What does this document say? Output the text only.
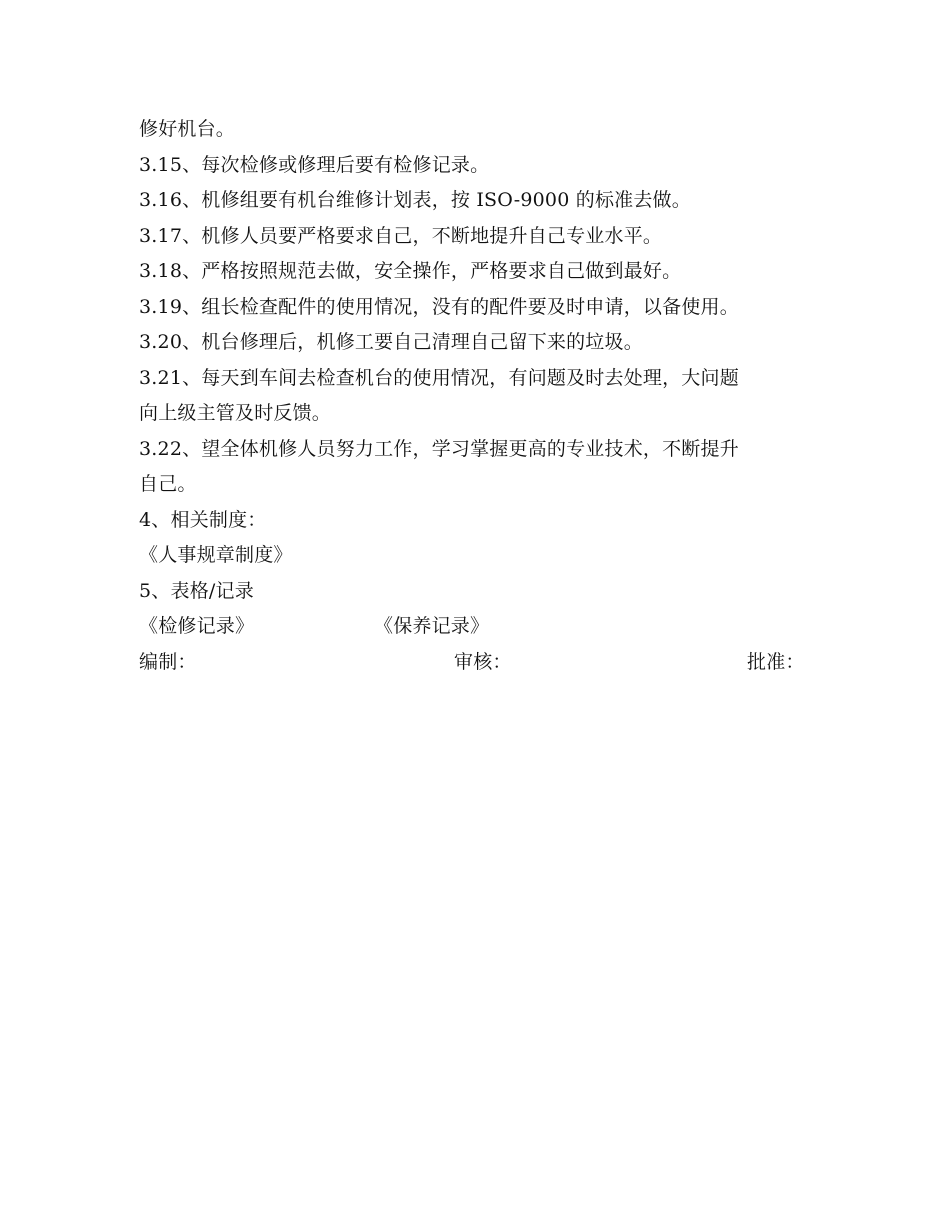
修好机台。
3.15、每次检修或修理后要有检修记录。
3.16、机修组要有机台维修计划表，按 ISO-9000 的标准去做。
3.17、机修人员要严格要求自己，不断地提升自己专业水平。
3.18、严格按照规范去做，安全操作，严格要求自己做到最好。
3.19、组长检查配件的使用情况，没有的配件要及时申请，以备使用。
3.20、机台修理后，机修工要自己清理自己留下来的垃圾。
3.21、每天到车间去检查机台的使用情况，有问题及时去处理，大问题
向上级主管及时反馈。
3.22、望全体机修人员努力工作，学习掌握更高的专业技术，不断提升
自己。
4、相关制度：
《人事规章制度》
5、表格/记录
《检修记录》	《保养记录》
编制：	审核：	批准：
